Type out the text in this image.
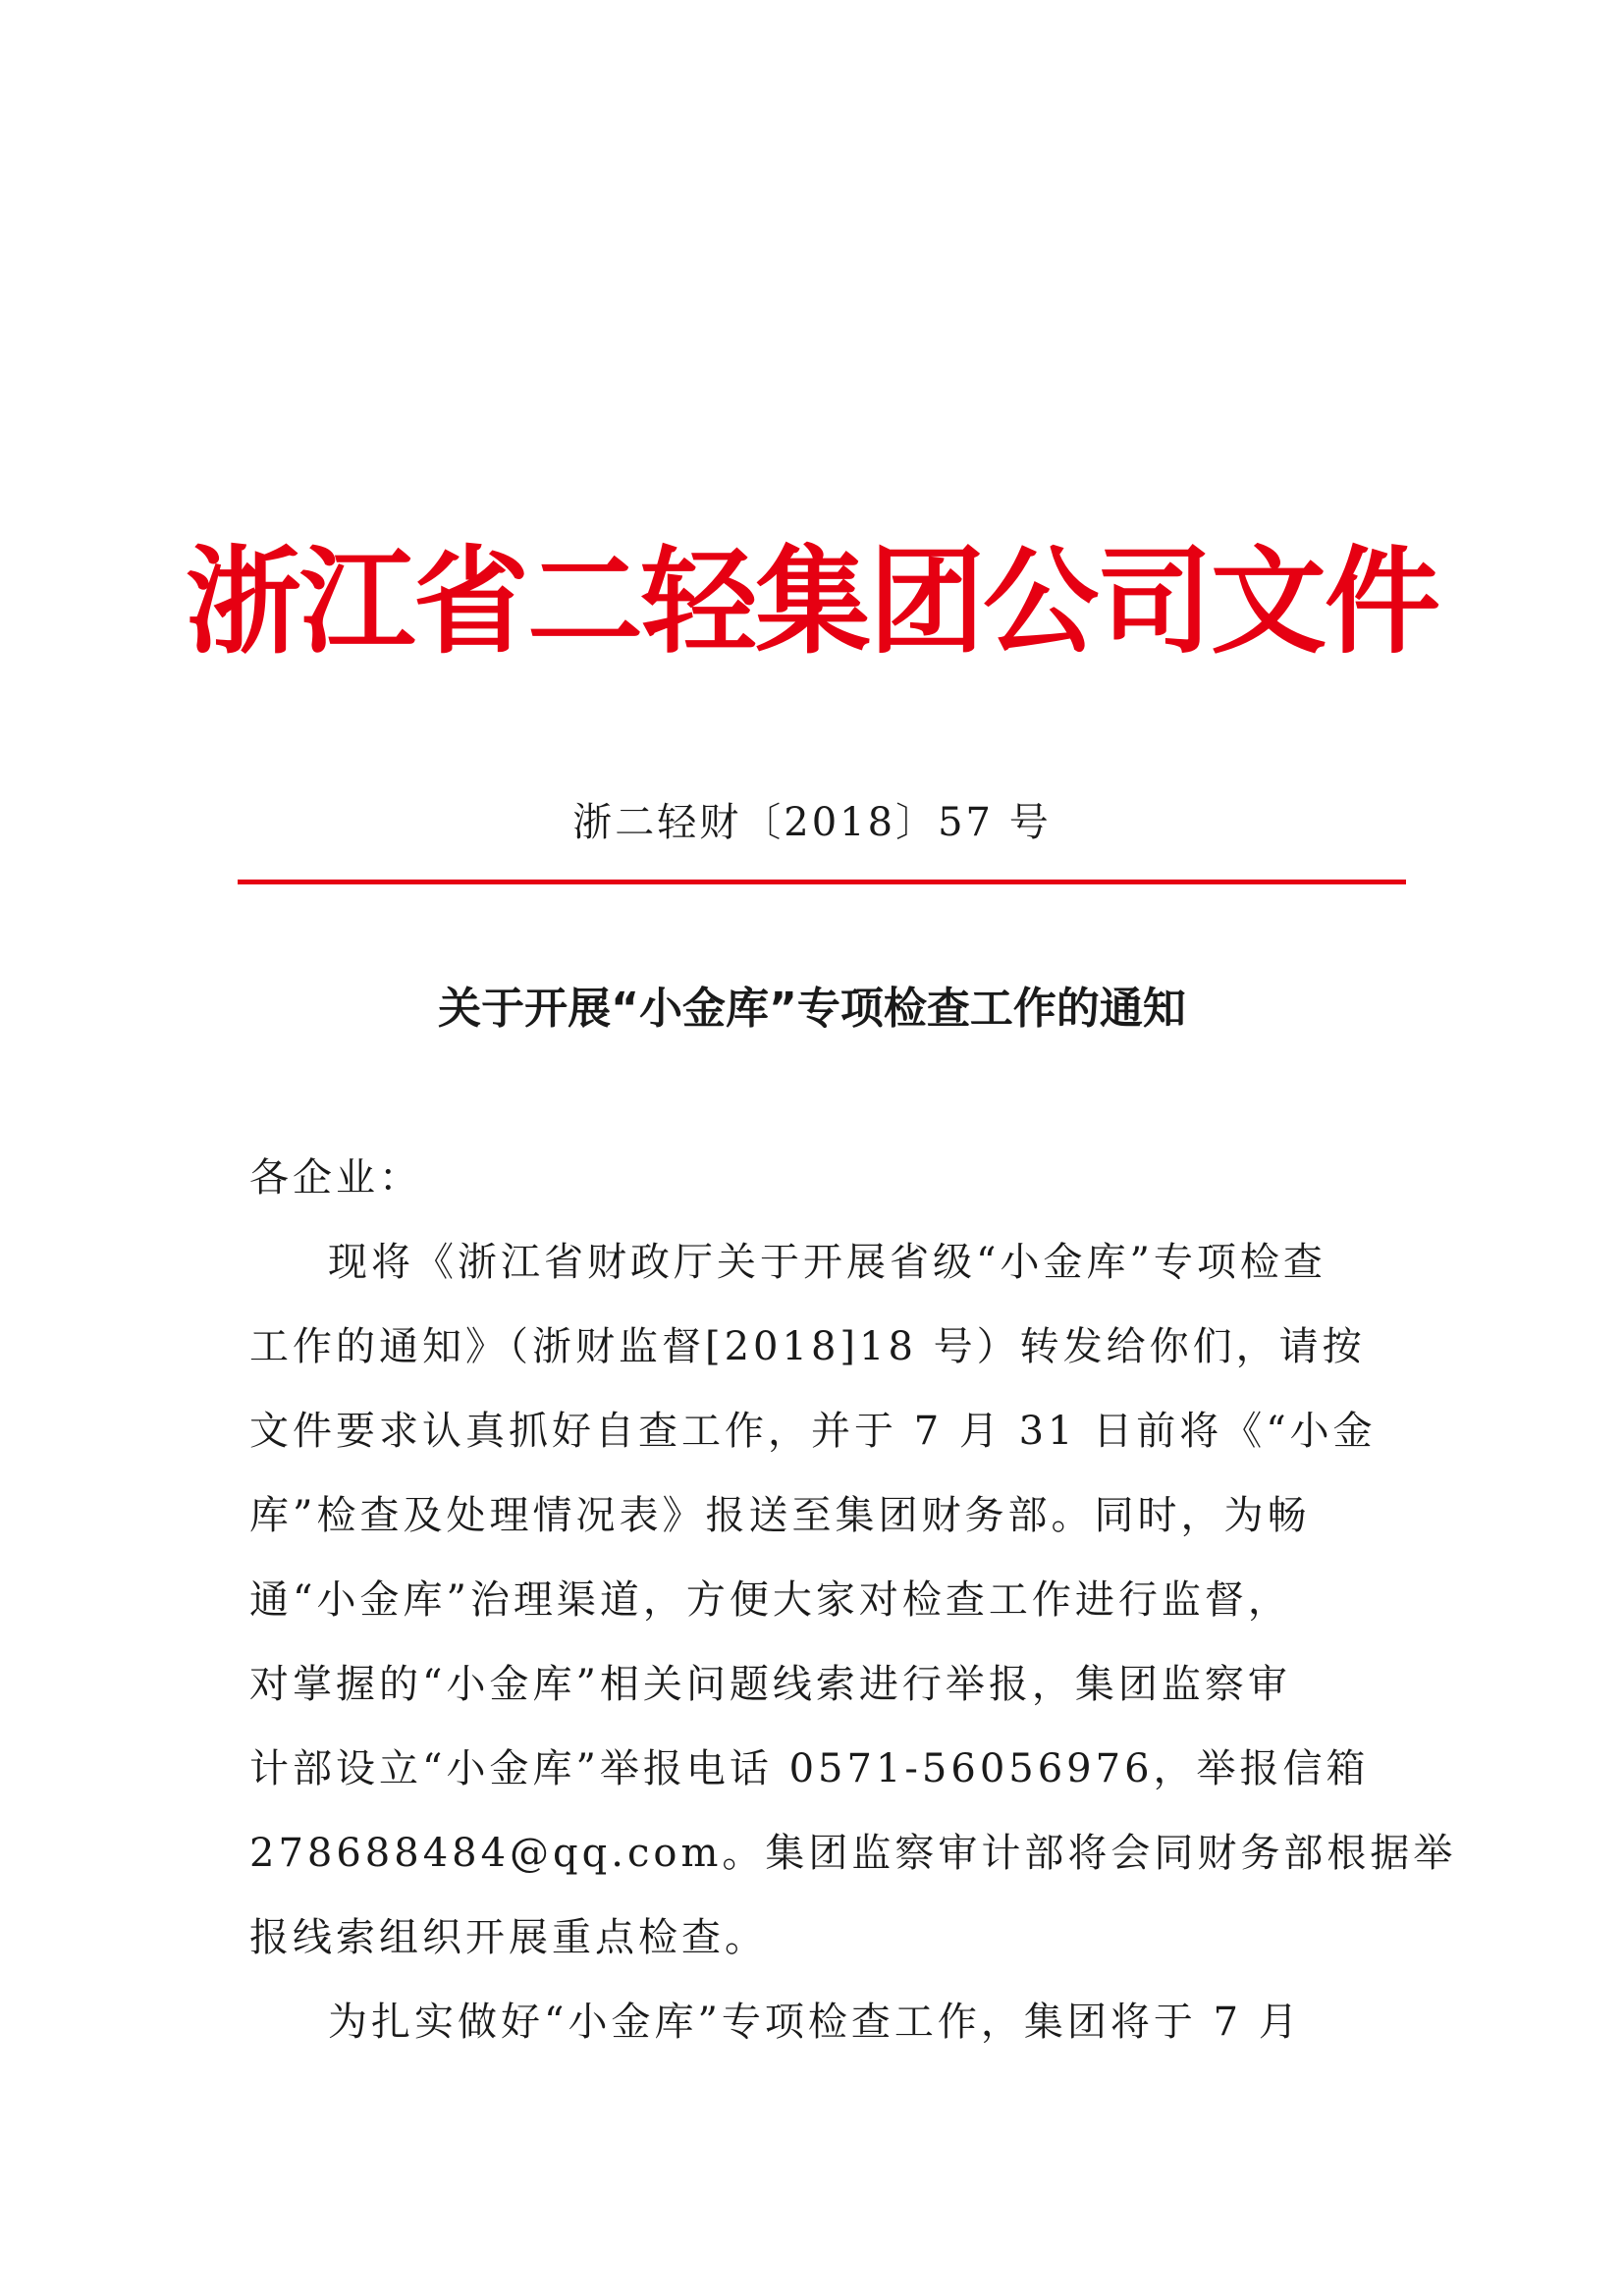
浙江省二轻集团公司文件
浙二轻财〔2018〕57 号
关于开展“小金库”专项检查工作的通知
各企业：
现将《浙江省财政厅关于开展省级“小金库”专项检查
工作的通知》（浙财监督[2018]18 号）转发给你们，请按
文件要求认真抓好自查工作，并于 7 月 31 日前将《“小金
库”检查及处理情况表》报送至集团财务部。同时，为畅
通“小金库”治理渠道，方便大家对检查工作进行监督，
对掌握的“小金库”相关问题线索进行举报，集团监察审
计部设立“小金库”举报电话 0571-56056976，举报信箱
278688484@qq.com。集团监察审计部将会同财务部根据举
报线索组织开展重点检查。
为扎实做好“小金库”专项检查工作，集团将于 7 月
